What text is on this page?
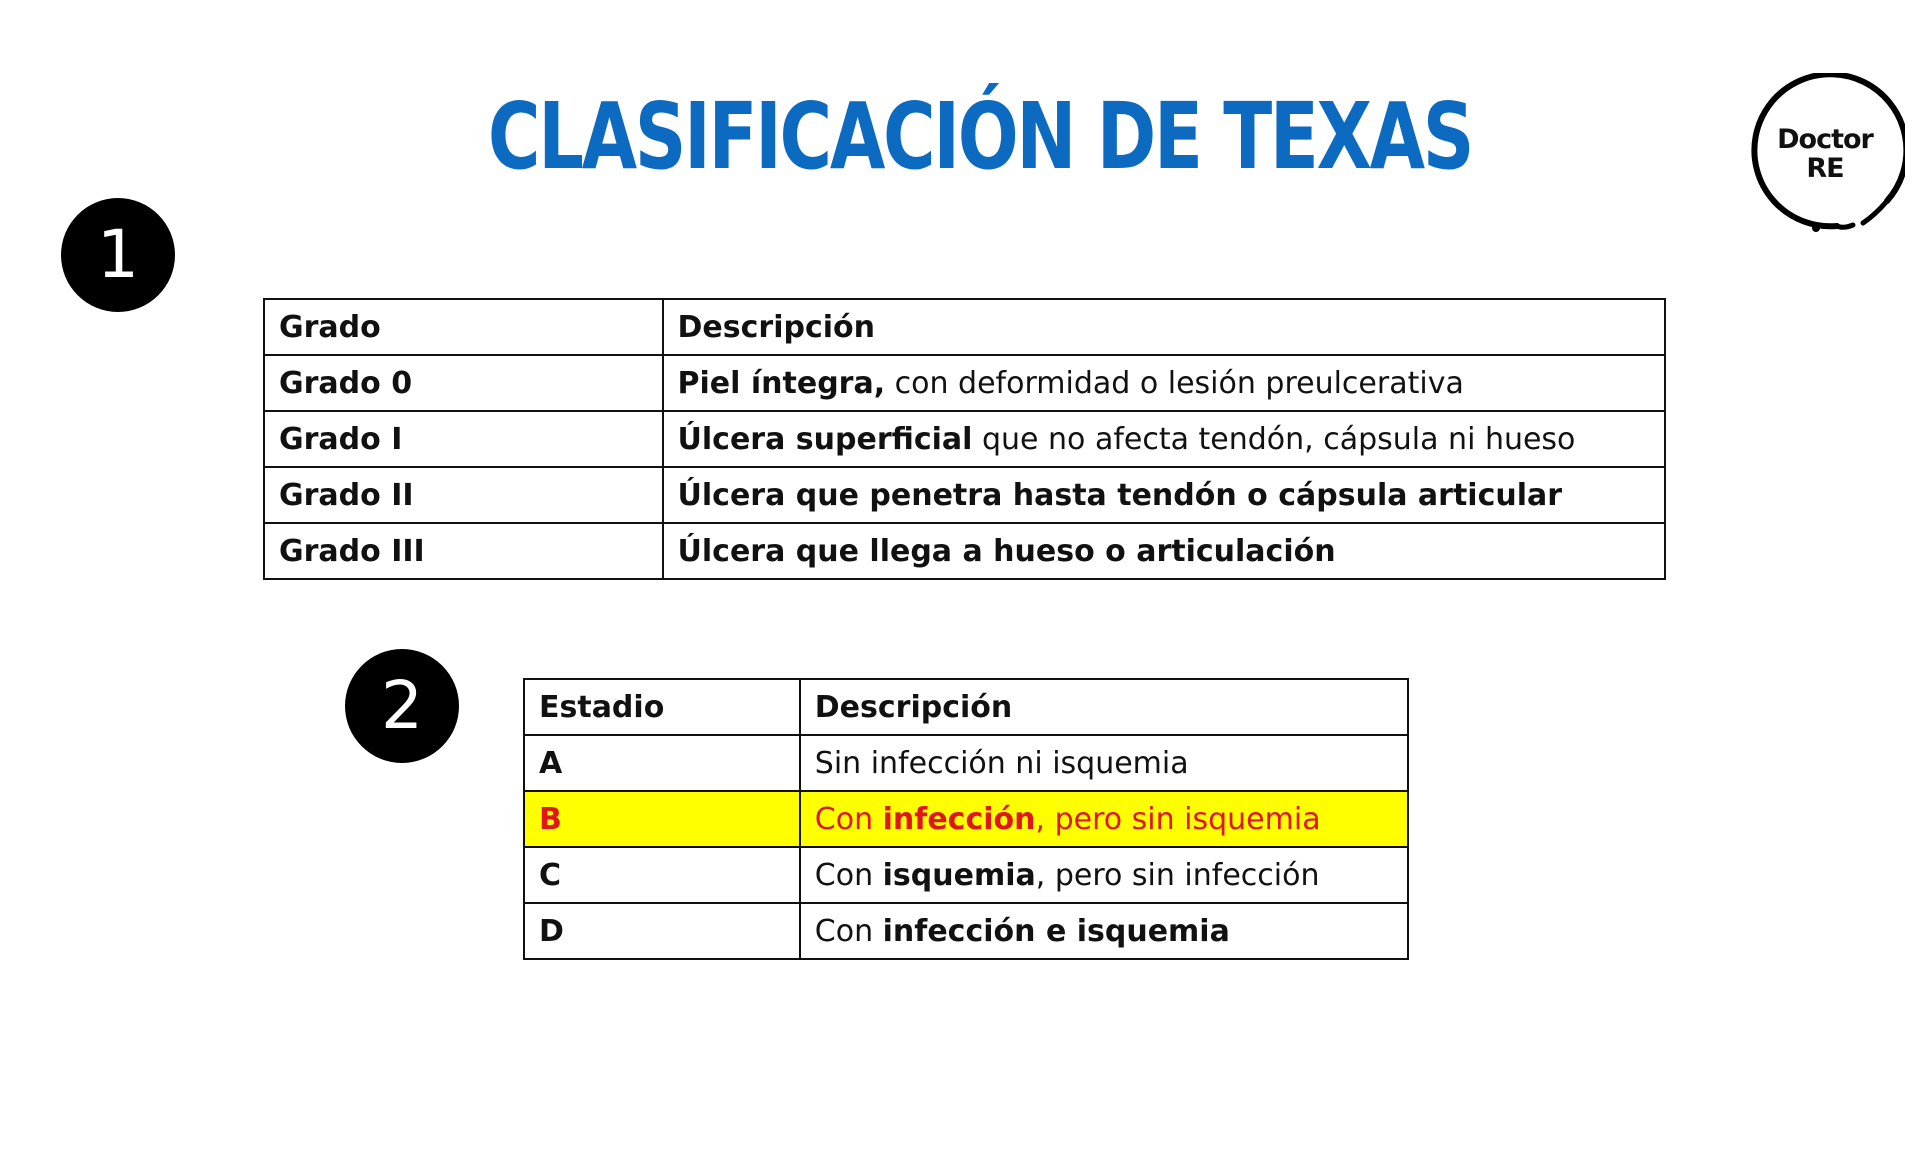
CLASIFICACIÓN DE TEXAS	Doctor
RE
1
2
Grado	Descripción
Grado 0	Piel íntegra, con deformidad o lesión preulcerativa
Grado I	Úlcera superficial que no afecta tendón, cápsula ni hueso
Grado II	Úlcera que penetra hasta tendón o cápsula articular
Grado III	Úlcera que llega a hueso o articulación
Estadio	Descripción
A	Sin infección ni isquemia
B	Con infección, pero sin isquemia
C	Con isquemia, pero sin infección
D	Con infección e isquemia
